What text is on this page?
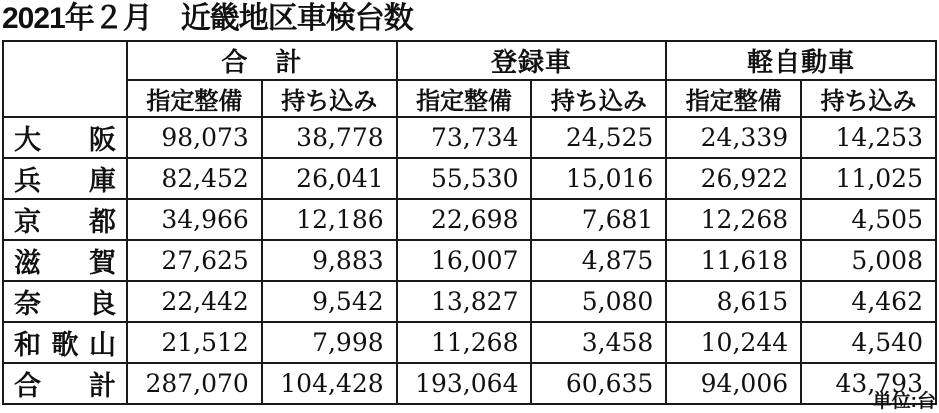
2021年２月　近畿地区車検台数
	合　計		登録車		軽自動車	
	指定整備	持ち込み	指定整備	持ち込み	指定整備	持ち込み
大阪	98,073	38,778	73,734	24,525	24,339	14,253
兵庫	82,452	26,041	55,530	15,016	26,922	11,025
京都	34,966	12,186	22,698	7,681	12,268	4,505
滋賀	27,625	9,883	16,007	4,875	11,618	5,008
奈良	22,442	9,542	13,827	5,080	8,615	4,462
和歌山	21,512	7,998	11,268	3,458	10,244	4,540
合計	287,070	104,428	193,064	60,635	94,006	43,793
単位:台
